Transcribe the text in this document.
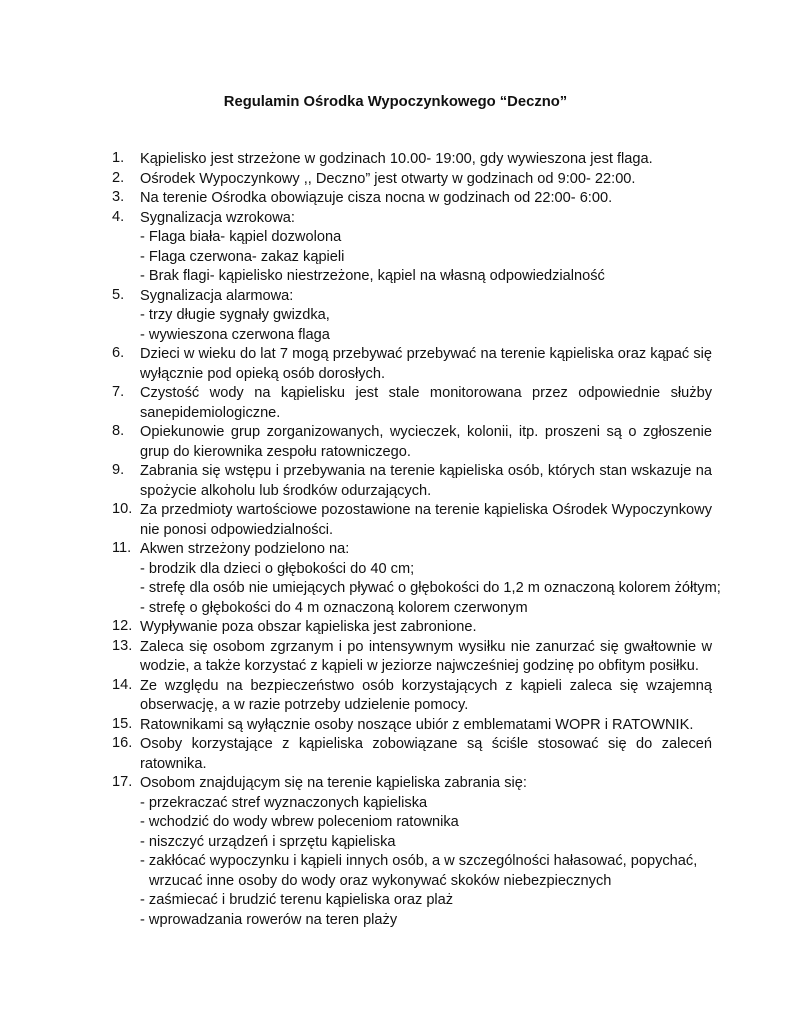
Regulamin Ośrodka Wypoczynkowego “Deczno”
1.	Kąpielisko jest strzeżone w godzinach 10.00- 19:00, gdy wywieszona jest flaga.
2.	Ośrodek Wypoczynkowy ,, Deczno” jest otwarty w godzinach od 9:00- 22:00.
3.	Na terenie Ośrodka obowiązuje cisza nocna w godzinach od 22:00- 6:00.
4.	Sygnalizacja wzrokowa:
- Flaga biała- kąpiel dozwolona
- Flaga czerwona- zakaz kąpieli
- Brak flagi- kąpielisko niestrzeżone, kąpiel na własną odpowiedzialność
5.	Sygnalizacja alarmowa:
- trzy długie sygnały gwizdka,
- wywieszona czerwona flaga
6.	Dzieci w wieku do lat 7 mogą przebywać przebywać na terenie kąpieliska oraz kąpać się
wyłącznie pod opieką osób dorosłych.
7.	Czystość wody na kąpielisku jest stale monitorowana przez odpowiednie służby
sanepidemiologiczne.
8.	Opiekunowie grup zorganizowanych, wycieczek, kolonii, itp. proszeni są o zgłoszenie
grup do kierownika zespołu ratowniczego.
9.	Zabrania się wstępu i przebywania na terenie kąpieliska osób, których stan wskazuje na
spożycie alkoholu lub środków odurzających.
10. Za przedmioty wartościowe pozostawione na terenie kąpieliska Ośrodek Wypoczynkowy
nie ponosi odpowiedzialności.
11. Akwen strzeżony podzielono na:
- brodzik dla dzieci o głębokości do 40 cm;
- strefę dla osób nie umiejących pływać o głębokości do 1,2 m oznaczoną kolorem żółtym;
- strefę o głębokości do 4 m oznaczoną kolorem czerwonym
12. Wypływanie poza obszar kąpieliska jest zabronione.
13. Zaleca się osobom zgrzanym i po intensywnym wysiłku nie zanurzać się gwałtownie w
wodzie, a także korzystać z kąpieli w jeziorze najwcześniej godzinę po obfitym posiłku.
14. Ze względu na bezpieczeństwo osób korzystających z kąpieli zaleca się wzajemną
obserwację, a w razie potrzeby udzielenie pomocy.
15. Ratownikami są wyłącznie osoby noszące ubiór z emblematami WOPR i RATOWNIK.
16. Osoby korzystające z kąpieliska zobowiązane są ściśle stosować się do zaleceń
ratownika.
17. Osobom znajdującym się na terenie kąpieliska zabrania się:
- przekraczać stref wyznaczonych kąpieliska
- wchodzić do wody wbrew poleceniom ratownika
- niszczyć urządzeń i sprzętu kąpieliska
- zakłócać wypoczynku i kąpieli innych osób, a w szczególności hałasować, popychać,
wrzucać inne osoby do wody oraz wykonywać skoków niebezpiecznych
- zaśmiecać i brudzić terenu kąpieliska oraz plaż
- wprowadzania rowerów na teren plaży
